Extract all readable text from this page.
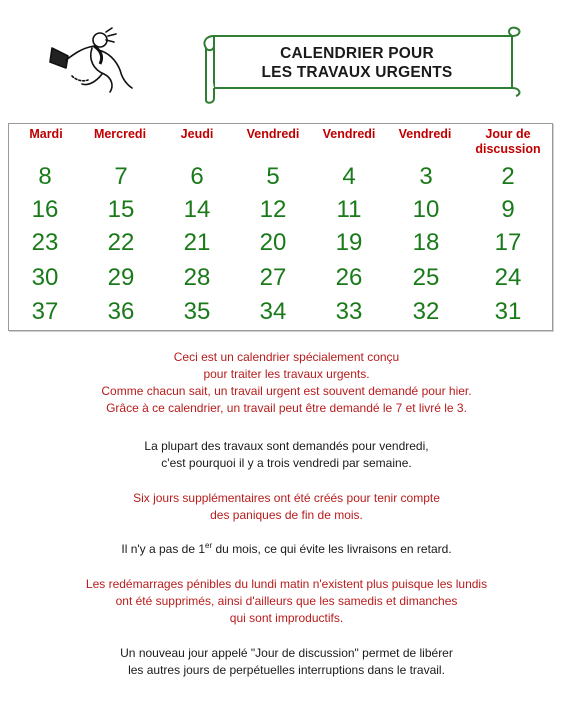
CALENDRIER POUR
LES TRAVAUX URGENTS
Mardi	Mercredi	Jeudi	Vendredi	Vendredi	Vendredi	Jour de discussion
8	7	6	5	4	3	2
16	15	14	12	11	10	9
23	22	21	20	19	18	17
30	29	28	27	26	25	24
37	36	35	34	33	32	31
Ceci est un calendrier spécialement conçu
pour traiter les travaux urgents.
Comme chacun sait, un travail urgent est souvent demandé pour hier.
Grâce à ce calendrier, un travail peut être demandé le 7 et livré le 3.
La plupart des travaux sont demandés pour vendredi,
c'est pourquoi il y a trois vendredi par semaine.
Six jours supplémentaires ont été créés pour tenir compte
des paniques de fin de mois.
Il n'y a pas de 1er du mois, ce qui évite les livraisons en retard.
Les redémarrages pénibles du lundi matin n'existent plus puisque les lundis
ont été supprimés, ainsi d'ailleurs que les samedis et dimanches
qui sont improductifs.
Un nouveau jour appelé "Jour de discussion" permet de libérer
les autres jours de perpétuelles interruptions dans le travail.
